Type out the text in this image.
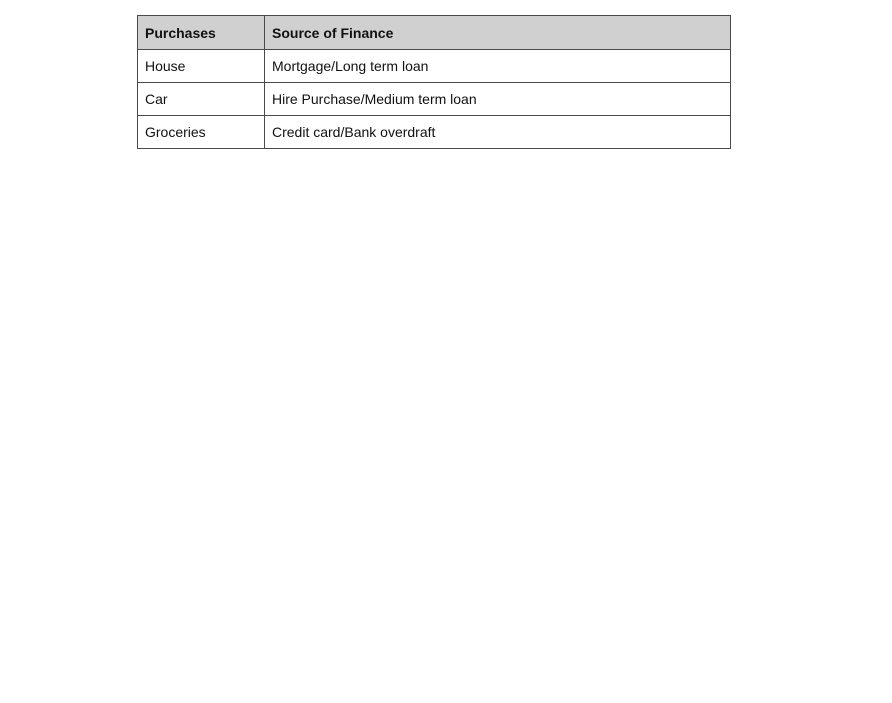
Purchases	Source of Finance
House	Mortgage/Long term loan
Car	Hire Purchase/Medium term loan
Groceries	Credit card/Bank overdraft
